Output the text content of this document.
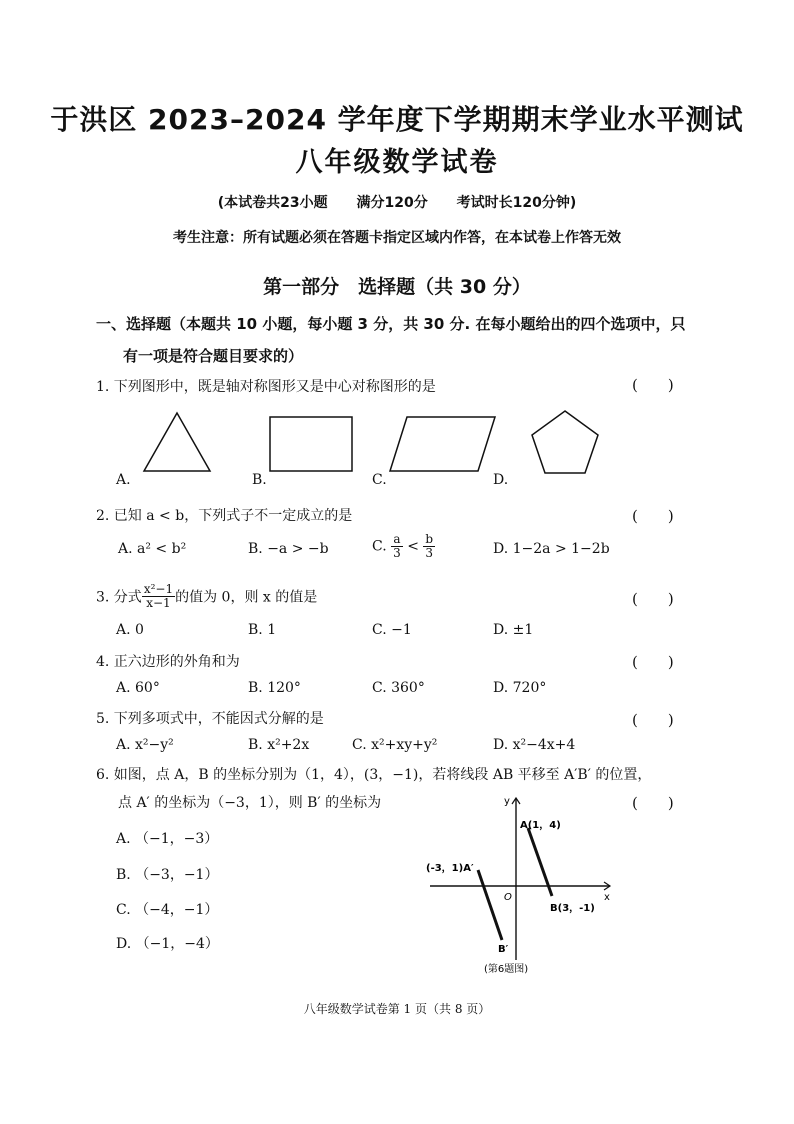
于洪区 2023–2024 学年度下学期期末学业水平测试
八年级数学试卷
(本试卷共23小题 满分120分 考试时长120分钟)
考生注意：所有试题必须在答题卡指定区域内作答，在本试卷上作答无效
第一部分　选择题（共 30 分）
一、选择题（本题共 10 小题，每小题 3 分，共 30 分. 在每小题给出的四个选项中，只
有一项是符合题目要求的）
1. 下列图形中，既是轴对称图形又是中心对称图形的是	(　　)
A.	B.	C.	D.
2. 已知 a < b，下列式子不一定成立的是	(　　)
A. a² < b²	B. −a > −b	C. $\frac{a}{3} < \frac{b}{3}$	D. 1−2a > 1−2b
3. 分式 $\frac{\text{x²−1}}{x-1}$ 的值为 0，则 x 的值是	(　　)
A. 0	B. 1	C. −1	D. ±1
4. 正六边形的外角和为	(　　)
A. 60°	B. 120°	C. 360°	D. 720°
5. 下列多项式中，不能因式分解的是	(　　)
A. x²−y²	B. x²+2x	C. x²+xy+y²	D. x²−4x+4
6. 如图，点 A，B 的坐标分别为（1，4），(3，−1)，若将线段 AB 平移至 A′B′ 的位置，
点 A′ 的坐标为（−3，1），则 B′ 的坐标为	(　　)
A. （−1，−3）
B. （−3，−1）
C. （−4，−1）
D. （−1，−4）
y
x
O
A(1，4)
(-3，1)A′
B(3，-1)
B′
(第6题图)
八年级数学试卷第 1 页（共 8 页）
